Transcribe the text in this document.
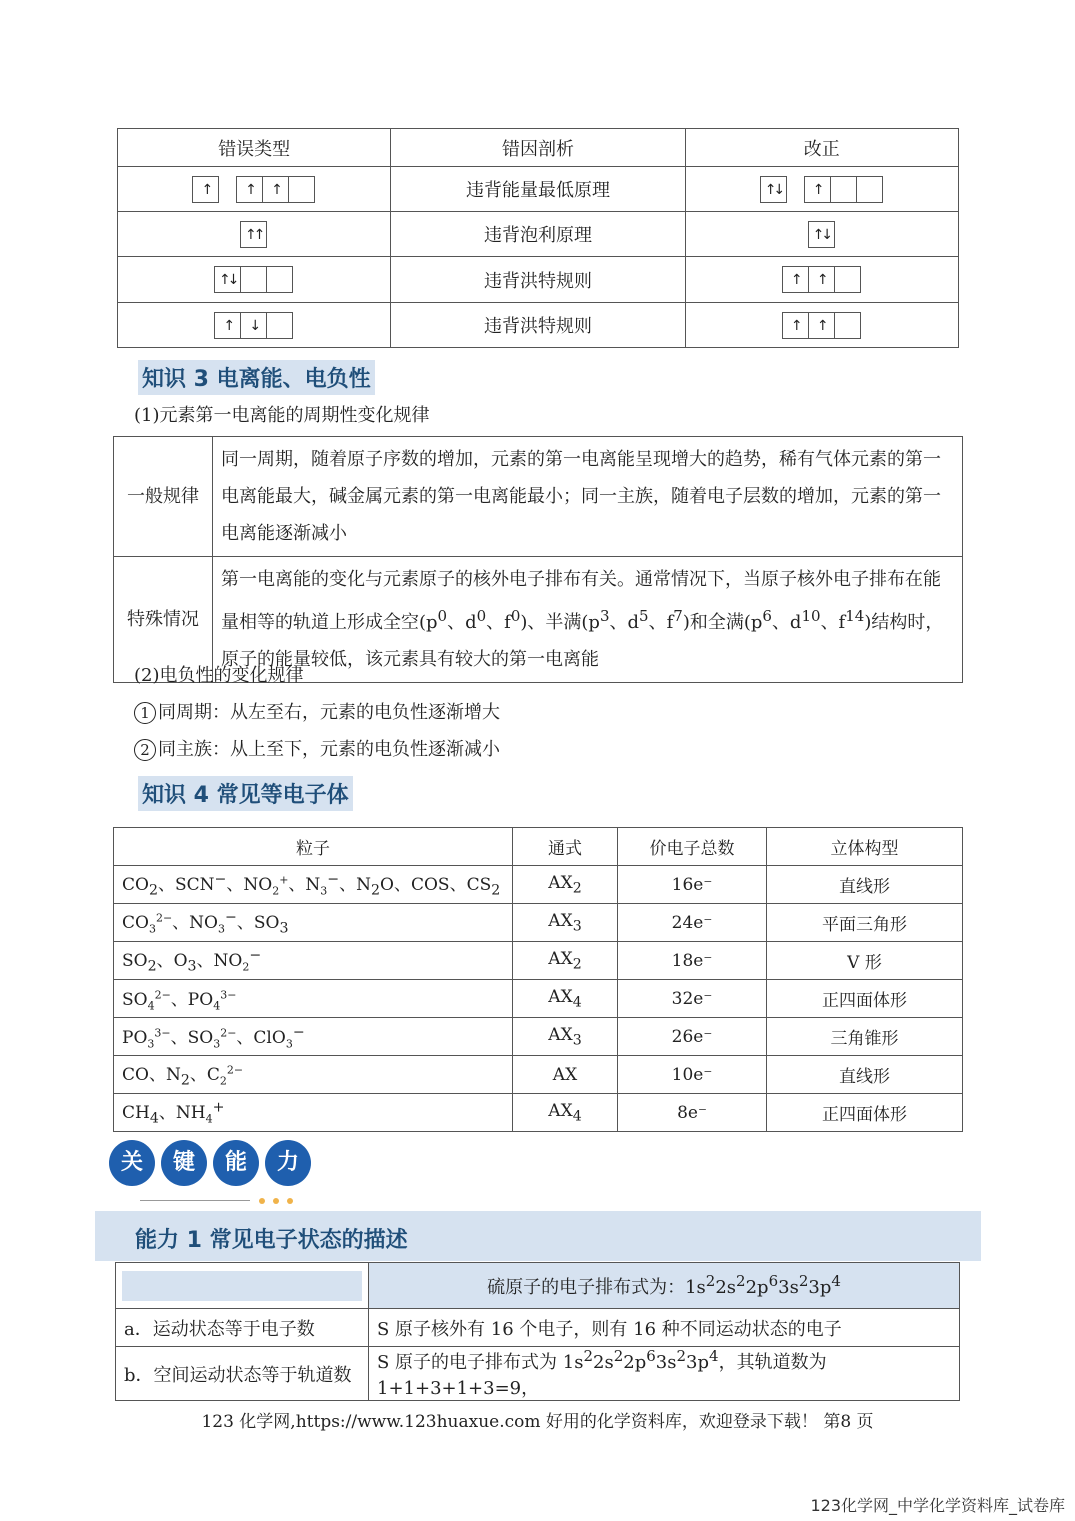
错误类型	错因剖析	改正
↑ ↑ ↑	违背能量最低原理	↑↓ ↑
↑↑	违背泡利原理	↑↓
↑↓	违背洪特规则	↑ ↑
↑ ↓	违背洪特规则	↑ ↑
知识 3 电离能、电负性
(1)元素第一电离能的周期性变化规律
一般规律	同一周期，随着原子序数的增加，元素的第一电离能呈现增大的趋势，稀有气体元素的第一电离能最大，碱金属元素的第一电离能最小；同一主族，随着电子层数的增加，元素的第一电离能逐渐减小
特殊情况	第一电离能的变化与元素原子的核外电子排布有关。通常情况下，当原子核外电子排布在能量相等的轨道上形成全空($p^0$、$d^0$、$f^0$)、半满($p^3$、$d^5$、$f^7$)和全满($p^6$、$d^{10}$、$f^{14}$)结构时，原子的能量较低，该元素具有较大的第一电离能
(2)电负性的变化规律
1 同周期：从左至右，元素的电负性逐渐增大
2 同主族：从上至下，元素的电负性逐渐减小
知识 4 常见等电子体
粒子	通式	价电子总数	立体构型
$CO_2$、SCN−、$NO_2^+$、$N_3^-$、$N_2O$、COS、$CS_2$	$AX_2$	16e⁻	直线形
$CO_3^{2-}$、$NO_3^-$、$SO_3$	$AX_3$	24e⁻	平面三角形
$SO_2$、$O_3$、$NO_2^-$	$AX_2$	18e⁻	V 形
$SO_4^{2-}$、$PO_4^{3-}$	$AX_4$	32e⁻	正四面体形
$PO_3^{3-}$、$SO_3^{2-}$、ClO$_3$−	$AX_3$	26e⁻	三角锥形
CO、$N_2$、$C_2^{2-}$	AX	10e⁻	直线形
$CH_4$、$NH_4^+$	$AX_4$	8e⁻	正四面体形
关	键	能	力
能力 1 常见电子状态的描述
	硫原子的电子排布式为：$1s^22s^22p^63s^23p^4$
a．运动状态等于电子数	S 原子核外有 16 个电子，则有 16 种不同运动状态的电子
b．空间运动状态等于轨道数	S 原子的电子排布式为 $1s^22s^22p^63s^23p^4$，其轨道数为 1+1+3+1+3=9，
123 化学网,https://www.123huaxue.com 好用的化学资料库，欢迎登录下载！ 第8 页
123化学网_中学化学资料库_试卷库
